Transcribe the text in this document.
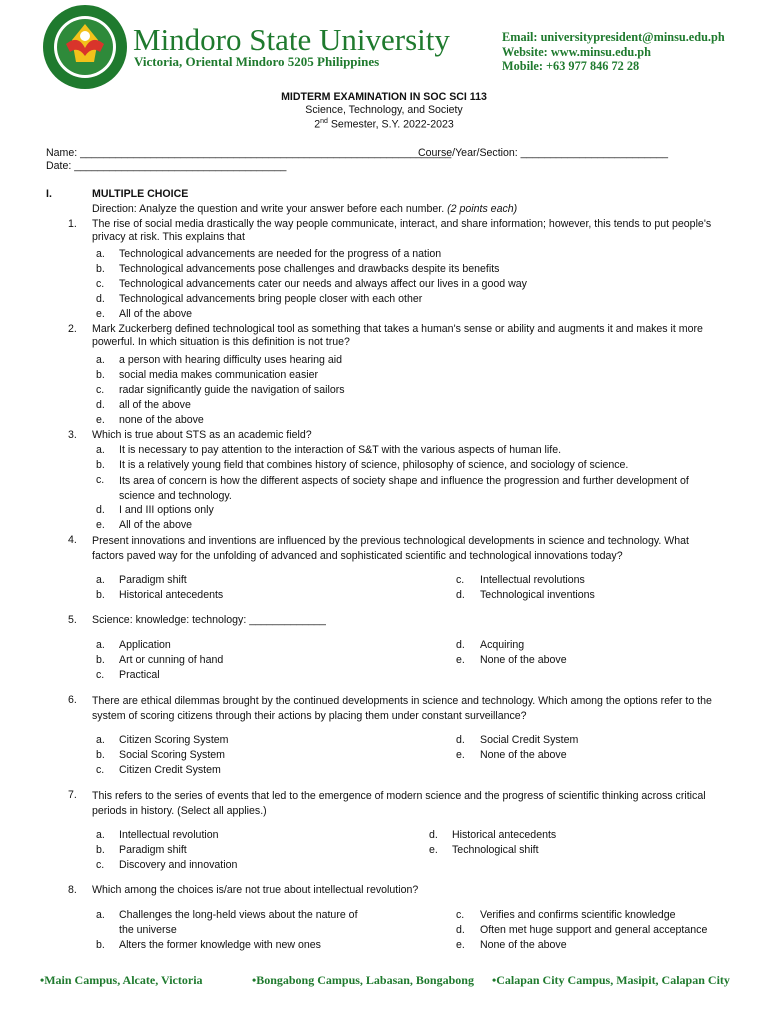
Mindoro State University
Victoria, Oriental Mindoro 5205 Philippines
Email: universitypresident@minsu.edu.ph
Website: www.minsu.edu.ph
Mobile: +63 977 846 72 28
MIDTERM EXAMINATION IN SOC SCI 113
Science, Technology, and Society
2nd Semester, S.Y. 2022-2023
Name: _______________________________________________________________
Course/Year/Section: _________________________
Date: ____________________________________
I.	MULTIPLE CHOICE
Direction: Analyze the question and write your answer before each number. (2 points each)
1. The rise of social media drastically the way people communicate, interact, and share information; however, this tends to put people's privacy at risk. This explains that
a. Technological advancements are needed for the progress of a nation
b. Technological advancements pose challenges and drawbacks despite its benefits
c. Technological advancements cater our needs and always affect our lives in a good way
d. Technological advancements bring people closer with each other
e. All of the above
2. Mark Zuckerberg defined technological tool as something that takes a human's sense or ability and augments it and makes it more powerful. In which situation is this definition is not true?
a. a person with hearing difficulty uses hearing aid
b. social media makes communication easier
c. radar significantly guide the navigation of sailors
d. all of the above
e. none of the above
3. Which is true about STS as an academic field?
a. It is necessary to pay attention to the interaction of S&T with the various aspects of human life.
b. It is a relatively young field that combines history of science, philosophy of science, and sociology of science.
c. Its area of concern is how the different aspects of society shape and influence the progression and further development of science and technology.
d. I and III options only
e. All of the above
4. Present innovations and inventions are influenced by the previous technological developments in science and technology. What factors paved way for the unfolding of advanced and sophisticated scientific and technological innovations today?
a. Paradigm shift
b. Historical antecedents
c. Intellectual revolutions
d. Technological inventions
5. Science: knowledge: technology: _____________
a. Application
b. Art or cunning of hand
c. Practical
d. Acquiring
e. None of the above
6. There are ethical dilemmas brought by the continued developments in science and technology. Which among the options refer to the system of scoring citizens through their actions by placing them under constant surveillance?
a. Citizen Scoring System
b. Social Scoring System
c. Citizen Credit System
d. Social Credit System
e. None of the above
7. This refers to the series of events that led to the emergence of modern science and the progress of scientific thinking across critical periods in history. (Select all applies.)
a. Intellectual revolution
b. Paradigm shift
c. Discovery and innovation
d. Historical antecedents
e. Technological shift
8. Which among the choices is/are not true about intellectual revolution?
a. Challenges the long-held views about the nature of
the universe
b. Alters the former knowledge with new ones
c. Verifies and confirms scientific knowledge
d. Often met huge support and general acceptance
e. None of the above
•Main Campus, Alcate, Victoria	•Bongabong Campus, Labasan, Bongabong •Calapan City Campus, Masipit, Calapan City
